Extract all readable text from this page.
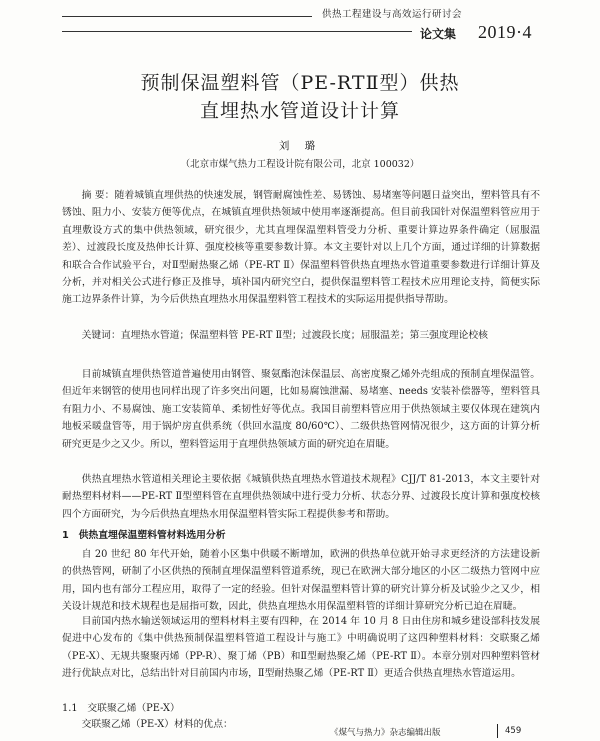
供热工程建设与高效运行研讨会
论文集 2019·4
预制保温塑料管（PE-RTⅡ型）供热
直埋热水管道设计计算
刘 璐
（北京市煤气热力工程设计院有限公司，北京 100032）

摘 要：随着城镇直埋供热的快速发展，钢管耐腐蚀性差、易锈蚀、易堵塞等问题日益突出，塑料管具有不锈蚀、阻力小、安装方便等优点，在城镇直埋供热领域中使用率逐渐提高。但目前我国针对保温塑料管应用于直埋敷设方式的集中供热领域，研究很少，尤其直埋保温塑料管受力分析、重要计算边界条件确定（屈服温差）、过渡段长度及热伸长计算、强度校核等重要参数计算。本文主要针对以上几个方面，通过详细的计算数据和联合合作试验平台，对Ⅱ型耐热聚乙烯（PE-RT Ⅱ）保温塑料管供热直埋热水管道重要参数进行详细计算及分析，并对相关公式进行修正及推导，填补国内研究空白，提供保温塑料管工程技术应用理论支持，简便实际施工边界条件计算，为今后供热直埋热水用保温塑料管工程技术的实际运用提供指导帮助。

关键词：直埋热水管道；保温塑料管 PE-RT Ⅱ型；过渡段长度；屈服温差；第三强度理论校核

目前城镇直埋供热管道普遍使用由钢管、聚氨酯泡沫保温层、高密度聚乙烯外壳组成的预制直埋保温管。但近年来钢管的使用也同样出现了许多突出问题，比如易腐蚀泄漏、易堵塞、needs 安装补偿器等，塑料管具有阻力小、不易腐蚀、施工安装简单、柔韧性好等优点。我国目前塑料管应用于供热领域主要仅体现在建筑内地板采暖盘管等，用于锅炉房直供系统（供回水温度 80/60℃）、二级供热管网情况很少，这方面的计算分析研究更是少之又少。所以，塑料管运用于直埋供热领域方面的研究迫在眉睫。

供热直埋热水管道相关理论主要依据《城镇供热直埋热水管道技术规程》CJJ/T 81-2013，本文主要针对耐热塑料材料——PE-RT Ⅱ型塑料管在直埋供热领域中进行受力分析、状态分界、过渡段长度计算和强度校核四个方面研究，为今后供热直埋热水用保温塑料管实际工程提供参考和帮助。

1　供热直埋保温塑料管材料选用分析

自 20 世纪 80 年代开始，随着小区集中供暖不断增加，欧洲的供热单位就开始寻求更经济的方法建设新的供热管网，研制了小区供热的预制直埋保温塑料管道系统，现已在欧洲大部分地区的小区二级热力管网中应用，国内也有部分工程应用，取得了一定的经验。但针对保温塑料管计算的研究计算分析及试验少之又少，相关设计规范和技术规程也是屈指可数，因此，供热直埋热水用保温塑料管的详细计算研究分析已迫在眉睫。

目前国内热水输送领域运用的塑料材料主要有四种，在 2014 年 10 月 8 日由住房和城乡建设部科技发展促进中心发布的《集中供热预制保温塑料管道工程设计与施工》中明确说明了这四种塑料材料：交联聚乙烯（PE-X）、无规共聚聚丙烯（PP-R）、聚丁烯（PB）和Ⅱ型耐热聚乙烯（PE-RT Ⅱ）。本章分别对四种塑料管材进行优缺点对比，总结出针对目前国内市场，Ⅱ型耐热聚乙烯（PE-RT Ⅱ）更适合供热直埋热水管道运用。

1.1　交联聚乙烯（PE-X）

交联聚乙烯（PE-X）材料的优点：

《煤气与热力》杂志编辑出版	459
